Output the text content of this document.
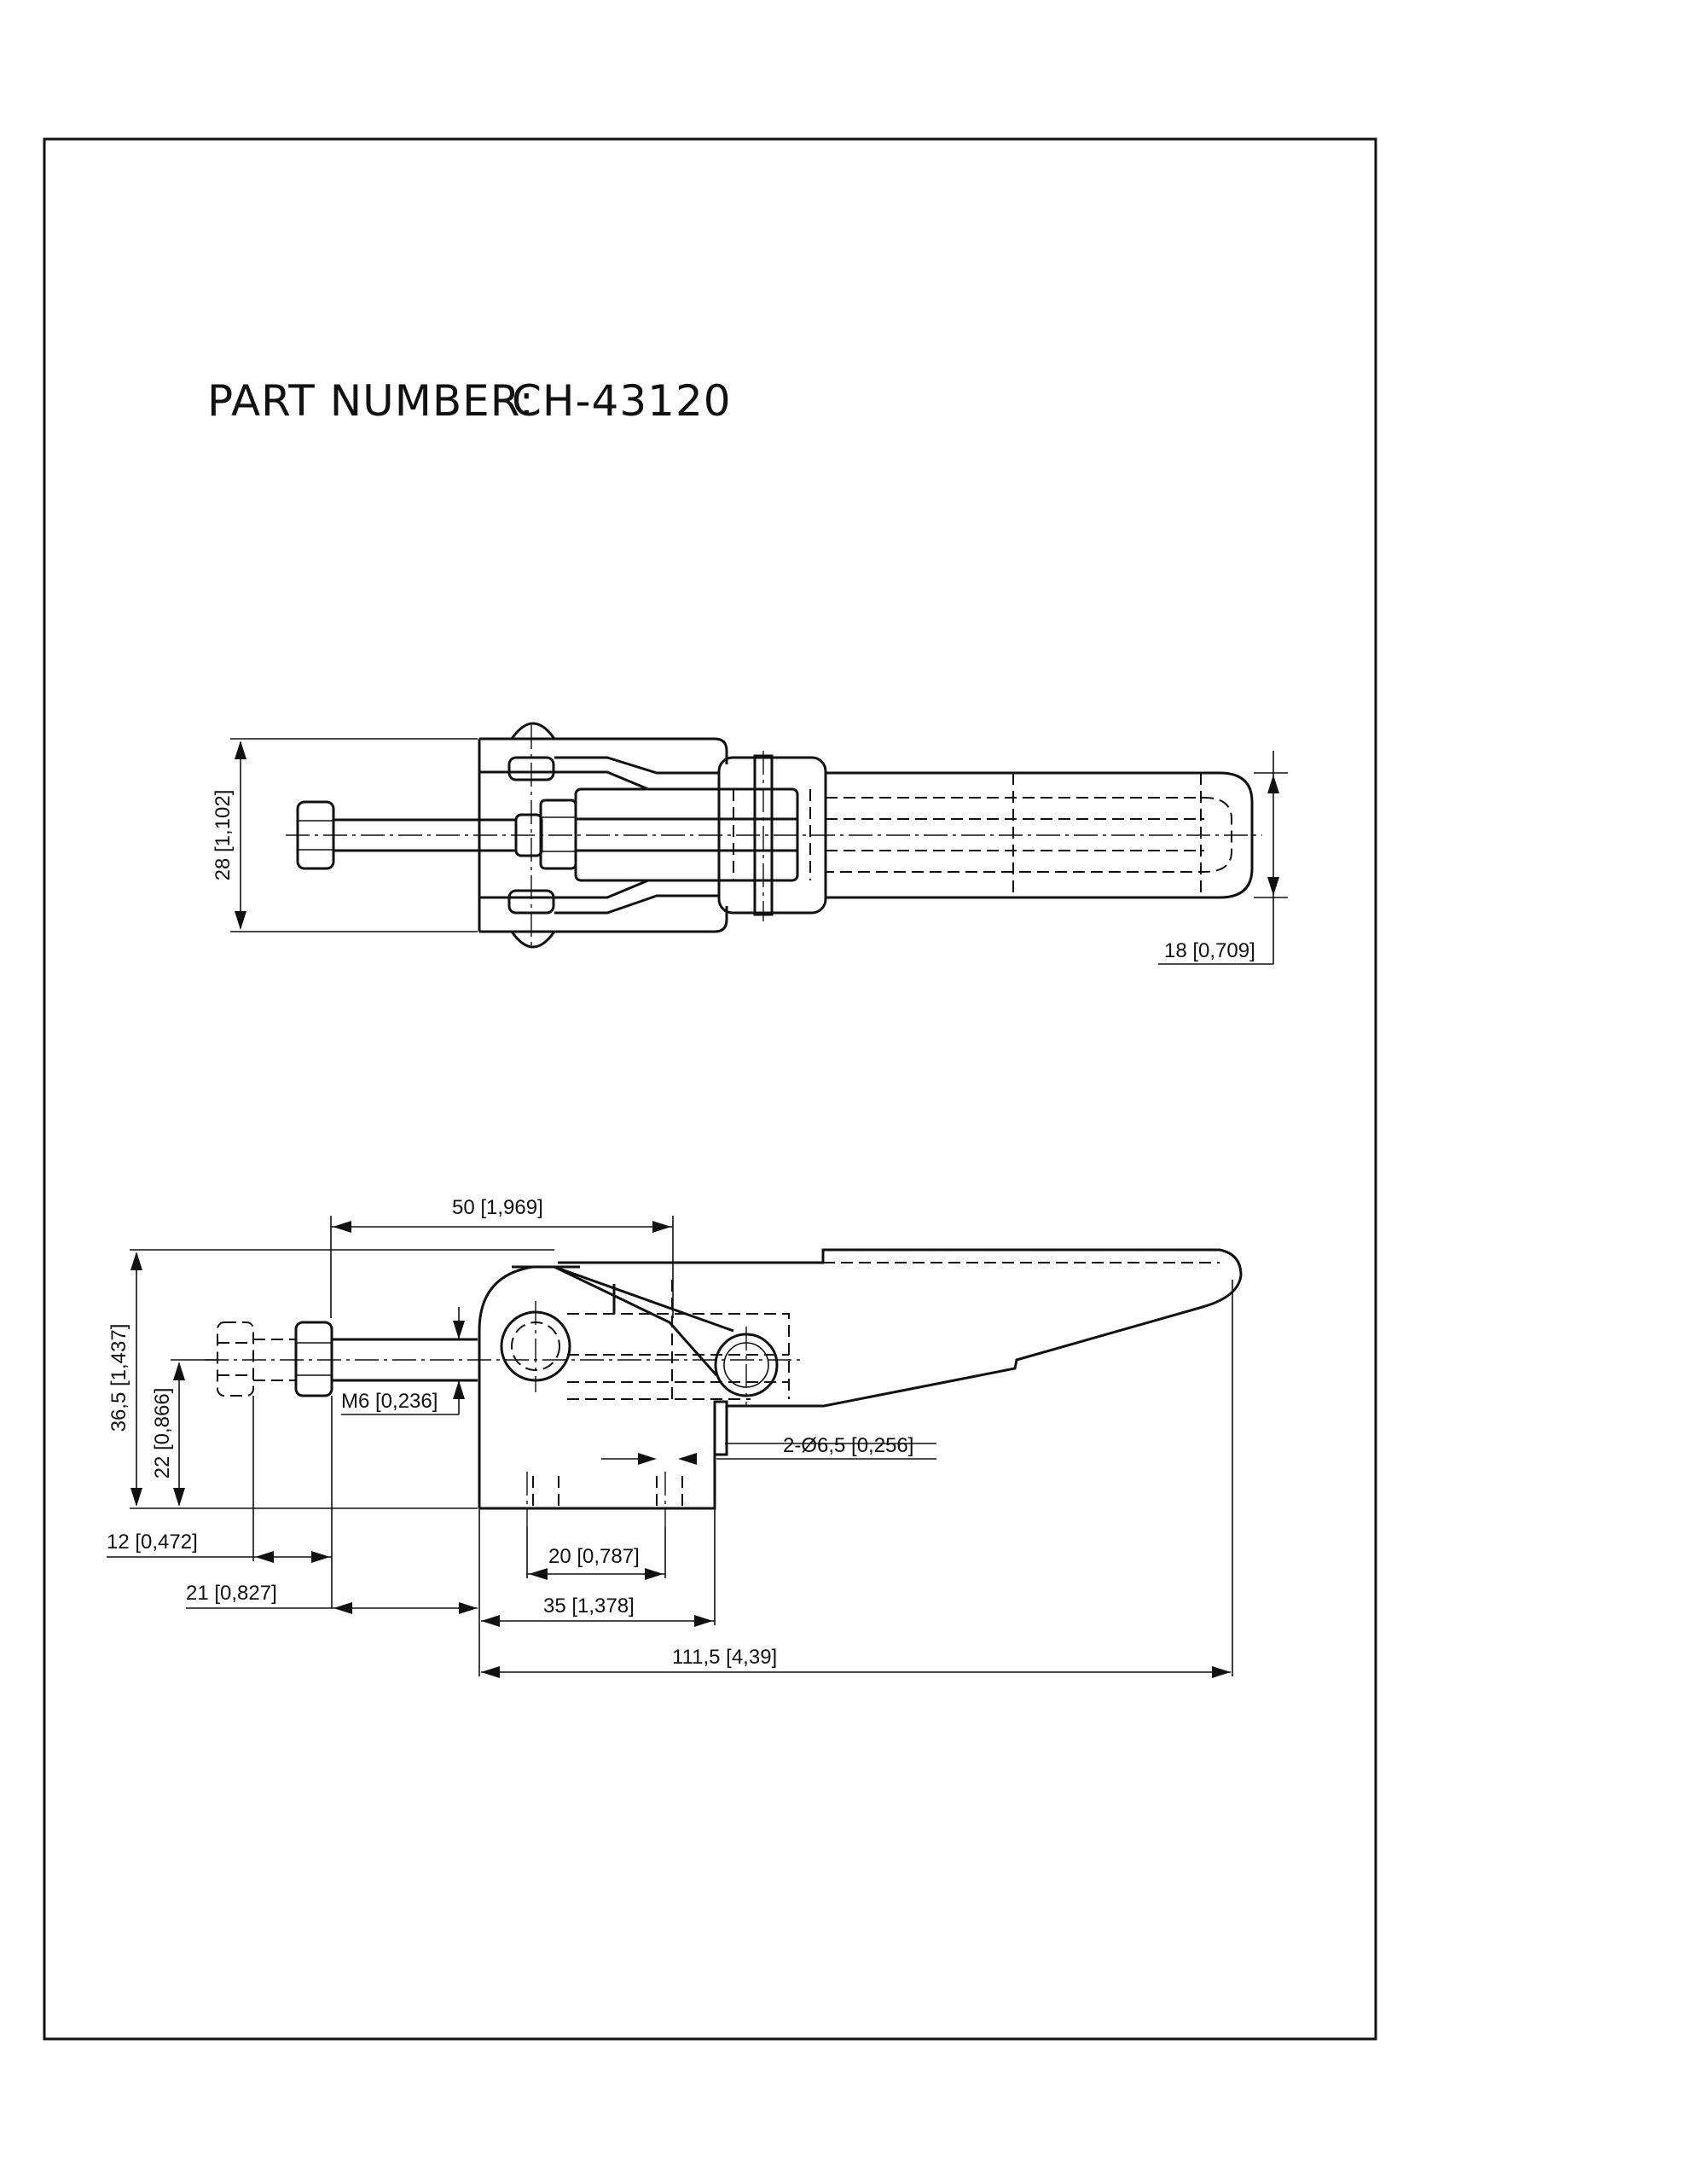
PART NUMBER:
CH-43120
28 [1,102]
18 [0,709]
50 [1,969]
36,5 [1,437]
22 [0,866]	M6 [0,236]
2-Ø6,5 [0,256]
20 [0,787]
12 [0,472]
21 [0,827]
35 [1,378]
111,5 [4,39]
